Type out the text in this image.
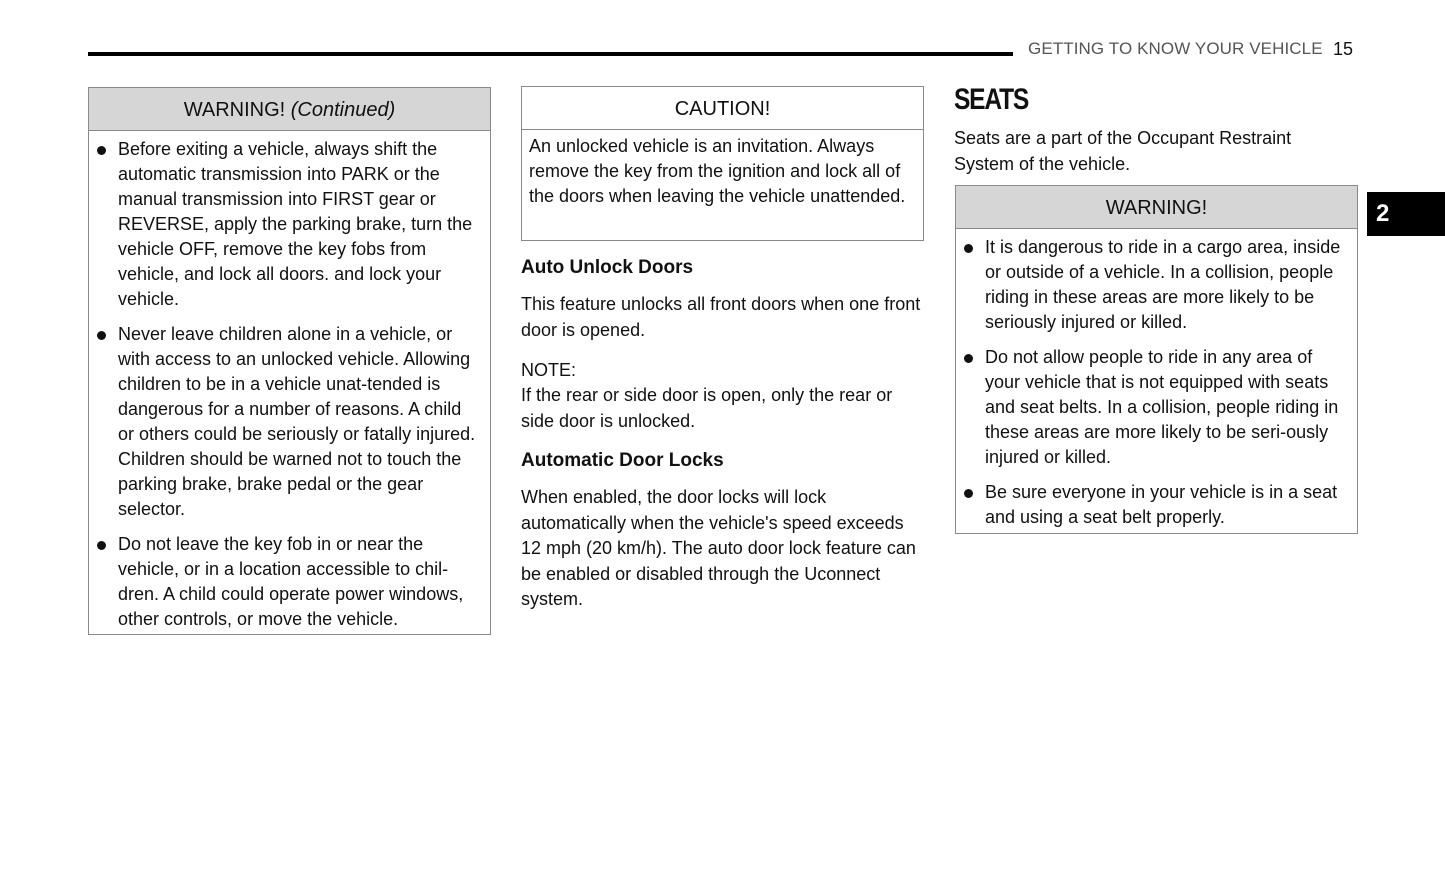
GETTING TO KNOW YOUR VEHICLE 15
2
WARNING! (Continued)
Before exiting a vehicle, always shift the automatic transmission into PARK or the manual transmission into FIRST gear or REVERSE, apply the parking brake, turn the vehicle OFF, remove the key fobs from vehicle, and lock all doors. and lock your vehicle.
Never leave children alone in a vehicle, or with access to an unlocked vehicle. Allowing children to be in a vehicle unat-tended is dangerous for a number of reasons. A child or others could be seriously or fatally injured. Children should be warned not to touch the parking brake, brake pedal or the gear selector.
Do not leave the key fob in or near the vehicle, or in a location accessible to chil-dren. A child could operate power windows, other controls, or move the vehicle.
CAUTION!

An unlocked vehicle is an invitation. Always remove the key from the ignition and lock all of the doors when leaving the vehicle unattended.

Auto Unlock Doors

This feature unlocks all front doors when one front door is opened.

NOTE:

If the rear or side door is open, only the rear or side door is unlocked.

Automatic Door Locks

When enabled, the door locks will lock automatically when the vehicle's speed exceeds 12 mph (20 km/h). The auto door lock feature can be enabled or disabled through the Uconnect system.

SEATS

Seats are a part of the Occupant Restraint System of the vehicle.

WARNING!
It is dangerous to ride in a cargo area, inside or outside of a vehicle. In a collision, people riding in these areas are more likely to be seriously injured or killed.
Do not allow people to ride in any area of your vehicle that is not equipped with seats and seat belts. In a collision, people riding in these areas are more likely to be seri-ously injured or killed.
Be sure everyone in your vehicle is in a seat and using a seat belt properly.
